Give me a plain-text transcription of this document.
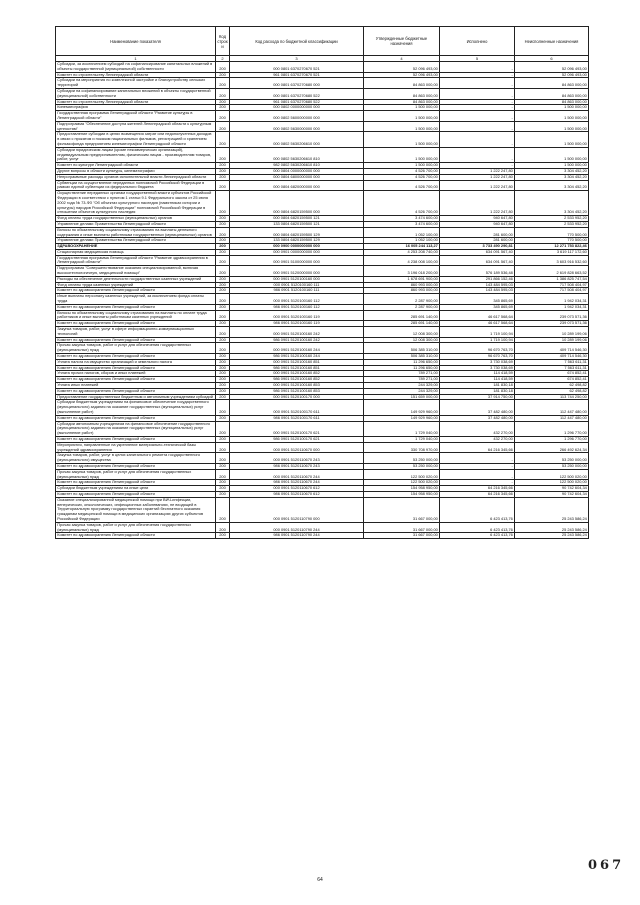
Наименование показателя	Код строки	Код расхода по бюджетной классификации	Утвержденные бюджетные назначения	Исполнено	Неисполненные назначения
1	2	3	4	5	6
Субсидии, за исключением субсидий на софинансирование капитальных вложений в объекты государственной (муниципальной) собственности	200	000 0801 6370270670 521	52 096 493,00	-	52 096 493,00
Комитет по строительству Ленинградской области	200	961 0801 6370270670 521	52 096 493,00	-	52 096 493,00
Субсидии на мероприятия по комплексной застройке и благоустройству сельских территорий	200	000 0801 6370270680 000	84 863 000,00	-	84 863 000,00
Субсидии на софинансирование капитальных вложений в объекты государственной (муниципальной) собственности	200	000 0801 6370270680 522	84 863 000,00	-	84 863 000,00
Комитет по строительству Ленинградской области	200	961 0801 6370270680 522	84 863 000,00	-	84 863 000,00
Кинематография	200	000 0802 0000000000 000	1 500 000,00	-	1 500 000,00
Государственная программа Ленинградской области "Развитие культуры в Ленинградской области"	200	000 0802 5600000000 000	1 500 000,00	-	1 500 000,00
Подпрограмма "Обеспечение доступа жителей Ленинградской области к культурным ценностям"	200	000 0802 5630000000 000	1 500 000,00	-	1 500 000,00
Предоставление субсидии в целях возмещения затрат или недополученных доходов в связи с прокатом и показом национальных фильмов, регистрацией и хранением фильмофонда предприятием кинематографии Ленинградской области	200	000 0802 5630206610 000	1 500 000,00	-	1 500 000,00
Субсидии юридическим лицам (кроме некоммерческих организаций), индивидуальным предпринимателям, физическим лицам - производителям товаров, работ, услуг	200	000 0802 5630206610 810	1 500 000,00	-	1 500 000,00
Комитет по культуре Ленинградской области	200	982 0802 5630206610 810	1 500 000,00	-	1 500 000,00
Другие вопросы в области культуры, кинематографии	200	000 0804 0000000000 000	4 526 700,00	1 222 247,80	3 304 452,20
Непрограммные расходы органов исполнительной власти Ленинградской области	200	000 0804 6800000000 000	4 526 700,00	1 222 247,80	3 304 452,20
Субвенции на осуществление переданных полномочий Российской Федерации в рамках единой субвенции из федерального бюджета	200	000 0804 6820000000 000	4 526 700,00	1 222 247,80	3 304 452,20
Осуществление переданных органам государственной власти субъектов Российской Федерации в соответствии с пунктом 1 статьи 9.1 Федерального закона от 25 июня 2002 года № 73-ФЗ "Об объектах культурного наследия (памятниках истории и культуры) народов Российской Федерации" полномочий Российской Федерации в отношении объектов культурного наследия	200	000 0804 6820159500 000	4 526 700,00	1 222 247,80	3 304 452,20
Фонд оплаты труда государственных (муниципальных) органов	200	000 0804 6820159500 121	3 474 600,00	940 647,80	2 533 952,20
Управление делами Правительства Ленинградской области	200	133 0804 6820159500 121	3 474 600,00	940 647,80	2 533 952,20
Взносы по обязательному социальному страхованию на выплаты денежного содержания и иные выплаты работникам государственных (муниципальных) органов	200	000 0804 6820159500 129	1 052 100,00	281 600,00	770 500,00
Управление делами Правительства Ленинградской области	200	133 0804 6820159500 129	1 052 100,00	281 600,00	770 500,00
ЗДРАВООХРАНЕНИЕ	200	000 0900 0000000000 000	16 005 244 113,27	3 733 490 290,81	12 271 753 822,46
Стационарная медицинская помощь	200	000 0901 0000000000 000	4 253 208 740,00	634 091 567,40	3 619 117 172,60
Государственная программа Ленинградской области "Развитие здравоохранения в Ленинградской области"	200	000 0901 5100000000 000	4 238 008 100,00	634 091 567,40	3 603 916 532,60
Подпрограмма "Совершенствование оказания специализированной, включая высокотехнологичную, медицинской помощи"	200	000 0901 5120000000 000	3 196 018 200,00	576 189 536,48	2 619 828 663,52
Расходы на обеспечение деятельности государственных казенных учреждений	200	000 0901 5120100160 000	1 678 691 900,00	291 866 152,46	1 386 825 747,54
Фонд оплаты труда казенных учреждений	200	000 0901 5120100160 111	860 993 000,00	143 484 595,03	717 508 404,97
Комитет по здравоохранению Ленинградской области	200	986 0901 5120100160 111	860 993 000,00	143 484 595,03	717 508 404,97
Иные выплаты персоналу казенных учреждений, за исключением фонда оплаты труда	200	000 0901 5120100160 112	2 287 900,00	345 865,69	1 942 034,31
Комитет по здравоохранению Ленинградской области	200	986 0901 5120100160 112	2 287 900,00	345 865,69	1 942 034,31
Взносы по обязательному социальному страхованию на выплаты по оплате труда работников и иные выплаты работникам казенных учреждений	200	000 0901 5120100160 119	285 691 140,00	46 617 568,64	239 073 571,36
Комитет по здравоохранению Ленинградской области	200	986 0901 5120100160 119	285 691 140,00	46 617 568,64	239 073 571,36
Закупка товаров, работ, услуг в сфере информационно-коммуникационных технологий	200	000 0901 5120100160 242	12 008 300,00	1 719 100,94	10 289 199,06
Комитет по здравоохранению Ленинградской области	200	986 0901 5120100160 242	12 008 300,00	1 719 100,94	10 289 199,06
Прочая закупка товаров, работ и услуг для обеспечения государственных (муниципальных) нужд	200	000 0901 5120100160 244	506 385 310,00	96 670 763,70	409 714 546,30
Комитет по здравоохранению Ленинградской области	200	986 0901 5120100160 244	506 385 310,00	96 670 763,70	409 714 546,30
Уплата налога на имущество организаций и земельного налога	200	000 0901 5120100160 851	11 296 650,00	3 730 038,69	7 563 611,31
Комитет по здравоохранению Ленинградской области	200	986 0901 5120100160 851	11 296 650,00	3 730 038,69	7 563 611,31
Уплата прочих налогов, сборов и иных платежей	200	000 0901 5120100160 852	789 271,00	114 418,59	674 852,41
Комитет по здравоохранению Ленинградской области	200	986 0901 5120100160 852	789 271,00	114 418,59	674 852,41
Уплата иных платежей	200	000 0901 5120100160 853	244 329,00	181 830,18	62 498,82
Комитет по здравоохранению Ленинградской области	200	986 0901 5120100160 853	244 329,00	181 830,18	62 498,82
Предоставление государственным бюджетным и автономным учреждениям субсидий	200	000 0901 5120100170 000	151 659 000,00	37 914 750,00	113 744 250,00
Субсидии бюджетным учреждениям на финансовое обеспечение государственного (муниципального) задания на оказание государственных (муниципальных) услуг (выполнение работ)	200	000 0901 5120100170 611	149 929 960,00	37 482 480,00	112 447 480,00
Комитет по здравоохранению Ленинградской области	200	986 0901 5120100170 611	149 929 960,00	37 482 480,00	112 447 480,00
Субсидии автономным учреждениям на финансовое обеспечение государственного (муниципального) задания на оказание государственных (муниципальных) услуг (выполнение работ)	200	000 0901 5120100170 621	1 729 040,00	432 270,00	1 296 770,00
Комитет по здравоохранению Ленинградской области	200	986 0901 5120100170 621	1 729 040,00	432 270,00	1 296 770,00
Мероприятия, направленные на укрепление материально-технической базы учреждений здравоохранения	200	000 0901 5120110670 000	330 708 970,00	64 216 345,66	266 492 624,34
Закупка товаров, работ, услуг в целях капитального ремонта государственного (муниципального) имущества	200	000 0901 5120110670 243	53 250 000,00	-	53 250 000,00
Комитет по здравоохранению Ленинградской области	200	986 0901 5120110670 243	53 250 000,00	-	53 250 000,00
Прочая закупка товаров, работ и услуг для обеспечения государственных (муниципальных) нужд	200	000 0901 5120110670 244	122 500 020,00	-	122 500 020,00
Комитет по здравоохранению Ленинградской области	200	986 0901 5120110670 244	122 500 020,00	-	122 500 020,00
Субсидии бюджетным учреждениям на иные цели	200	000 0901 5120110670 612	154 958 950,00	64 216 345,66	90 742 604,34
Комитет по здравоохранению Ленинградской области	200	986 0901 5120110670 612	154 958 950,00	64 216 345,66	90 742 604,34
Оказание специализированной медицинской помощи при ВИЧ-инфекции, венерических, онкологических, инфекционных заболеваниях, не входящей в Территориальную программу государственных гарантий бесплатного оказания гражданам медицинской помощи в медицинских организациях других субъектов Российской Федерации	200	000 0901 5120110790 000	31 667 000,00	6 423 413,76	25 243 586,24
Прочая закупка товаров, работ и услуг для обеспечения государственных (муниципальных) нужд	200	000 0901 5120110790 244	31 667 000,00	6 423 413,76	25 243 586,24
Комитет по здравоохранению Ленинградской области	200	986 0901 5120110790 244	31 667 000,00	6 423 413,76	25 243 586,24
64
067
